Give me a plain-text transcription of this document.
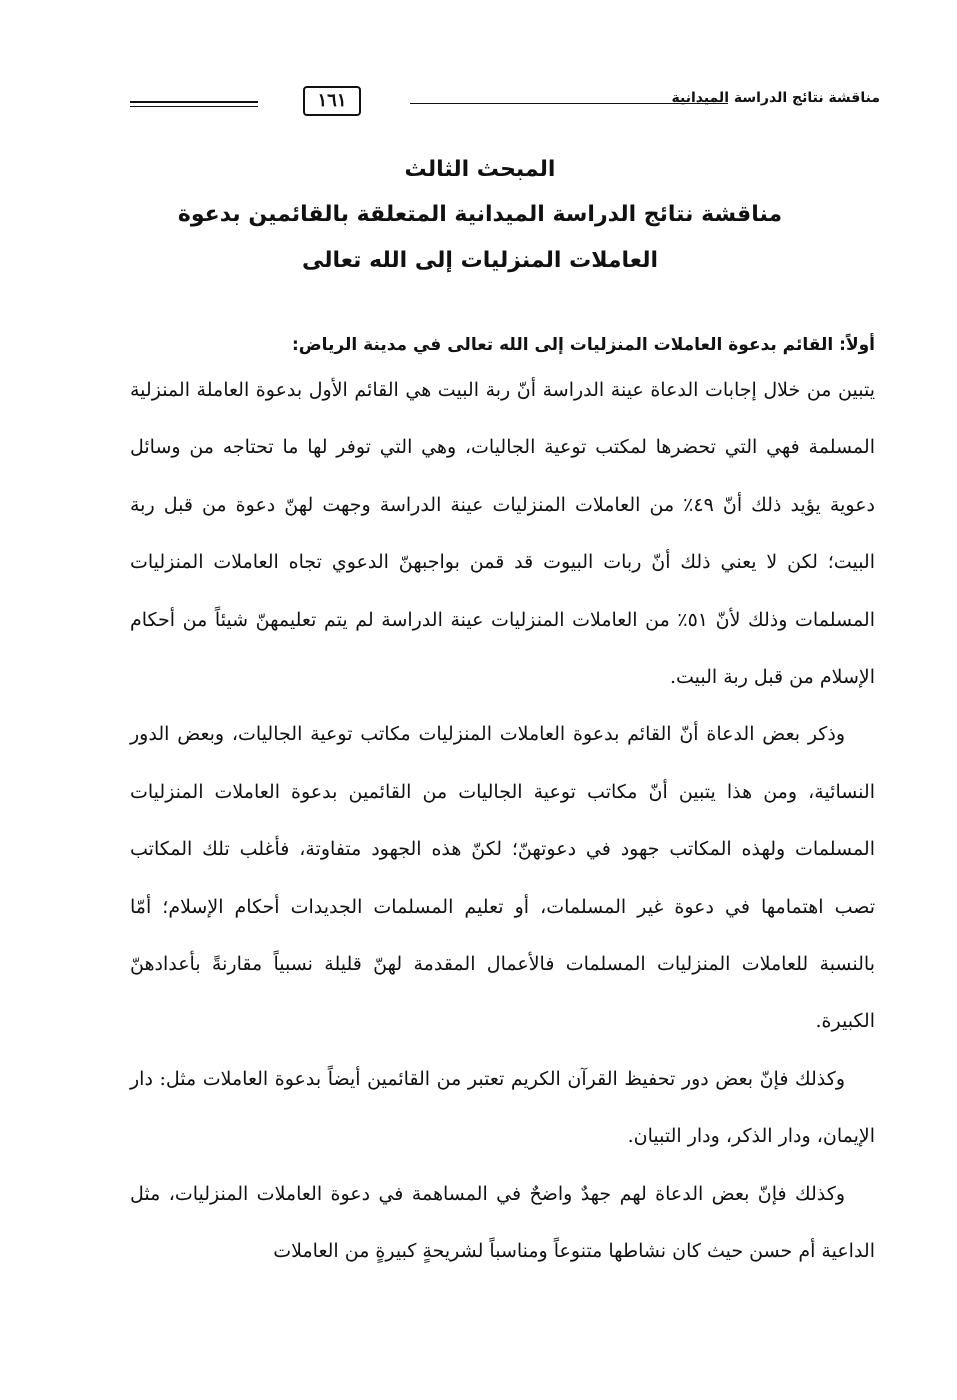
١٦١	مناقشة نتائج الدراسة الميدانية
المبحث الثالث
مناقشة نتائج الدراسة الميدانية المتعلقة بالقائمين بدعوة
العاملات المنزليات إلى الله تعالى
أولاً: القائم بدعوة العاملات المنزليات إلى الله تعالى في مدينة الرياض:

يتبين من خلال إجابات الدعاة عينة الدراسة أنّ ربة البيت هي القائم الأول بدعوة العاملة المنزلية المسلمة فهي التي تحضرها لمكتب توعية الجاليات، وهي التي توفر لها ما تحتاجه من وسائل دعوية يؤيد ذلك أنّ ٤٩٪ من العاملات المنزليات عينة الدراسة وجهت لهنّ دعوة من قبل ربة البيت؛ لكن لا يعني ذلك أنّ ربات البيوت قد قمن بواجبهنّ الدعوي تجاه العاملات المنزليات المسلمات وذلك لأنّ ٥١٪ من العاملات المنزليات عينة الدراسة لم يتم تعليمهنّ شيئاً من أحكام الإسلام من قبل ربة البيت.

وذكر بعض الدعاة أنّ القائم بدعوة العاملات المنزليات مكاتب توعية الجاليات، وبعض الدور النسائية، ومن هذا يتبين أنّ مكاتب توعية الجاليات من القائمين بدعوة العاملات المنزليات المسلمات ولهذه المكاتب جهود في دعوتهنّ؛ لكنّ هذه الجهود متفاوتة، فأغلب تلك المكاتب تصب اهتمامها في دعوة غير المسلمات، أو تعليم المسلمات الجديدات أحكام الإسلام؛ أمّا بالنسبة للعاملات المنزليات المسلمات فالأعمال المقدمة لهنّ قليلة نسبياً مقارنةً بأعدادهنّ الكبيرة.

وكذلك فإنّ بعض دور تحفيظ القرآن الكريم تعتبر من القائمين أيضاً بدعوة العاملات مثل: دار الإيمان، ودار الذكر، ودار التبيان.

وكذلك فإنّ بعض الدعاة لهم جهدٌ واضحٌ في المساهمة في دعوة العاملات المنزليات، مثل الداعية أم حسن حيث كان نشاطها متنوعاً ومناسباً لشريحةٍ كبيرةٍ من العاملات
